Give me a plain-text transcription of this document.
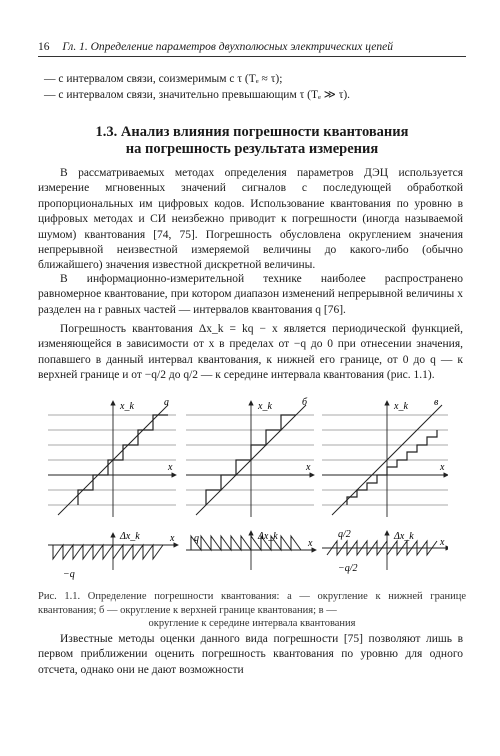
16 Гл. 1. Определение параметров двухполюсных электрических цепей
— с интервалом связи, соизмеримым с τ (Tₑ ≈ τ);
— с интервалом связи, значительно превышающим τ (Tₑ ≫ τ).
1.3. Анализ влияния погрешности квантования
на погрешность результата измерения

В рассматриваемых методах определения параметров ДЭЦ используется измерение мгновенных значений сигналов с последующей обработкой пропорциональных им цифровых кодов. Использование квантования по уровню в цифровых методах и СИ неизбежно приводит к погрешности (иногда называемой шумом) квантования [74, 75]. Погрешность обусловлена округлением значения непрерывной неизвестной измеряемой величины до какого-либо (обычно ближайшего) значения известной дискретной величины.

В информационно-измерительной технике наиболее распространено равномерное квантование, при котором диапазон изменений непрерывной величины x разделен на r равных частей — интервалов квантования q [76].

Погрешность квантования Δx_k = kq − x является периодической функцией, изменяющейся в зависимости от x в пределах от −q до 0 при отнесении значения, попавшего в данный интервал квантования, к нижней его границе, от 0 до q — к верхней границе и от −q/2 до q/2 — к середине интервала квантования (рис. 1.1).

x_k
x
а	x_k
x
б	x_k
x
в
Δx_k	x
−q
Δx_k
x
q	Δx_k
x
q/2
−q/2

Рис. 1.1. Определение погрешности квантования: а — округление к нижней границе квантования; б — округление к верхней границе квантования; в —
округление к середине интервала квантования

Известные методы оценки данного вида погрешности [75] позволяют лишь в первом приближении оценить погрешность квантования по уровню для одного отсчета, однако они не дают возможности
